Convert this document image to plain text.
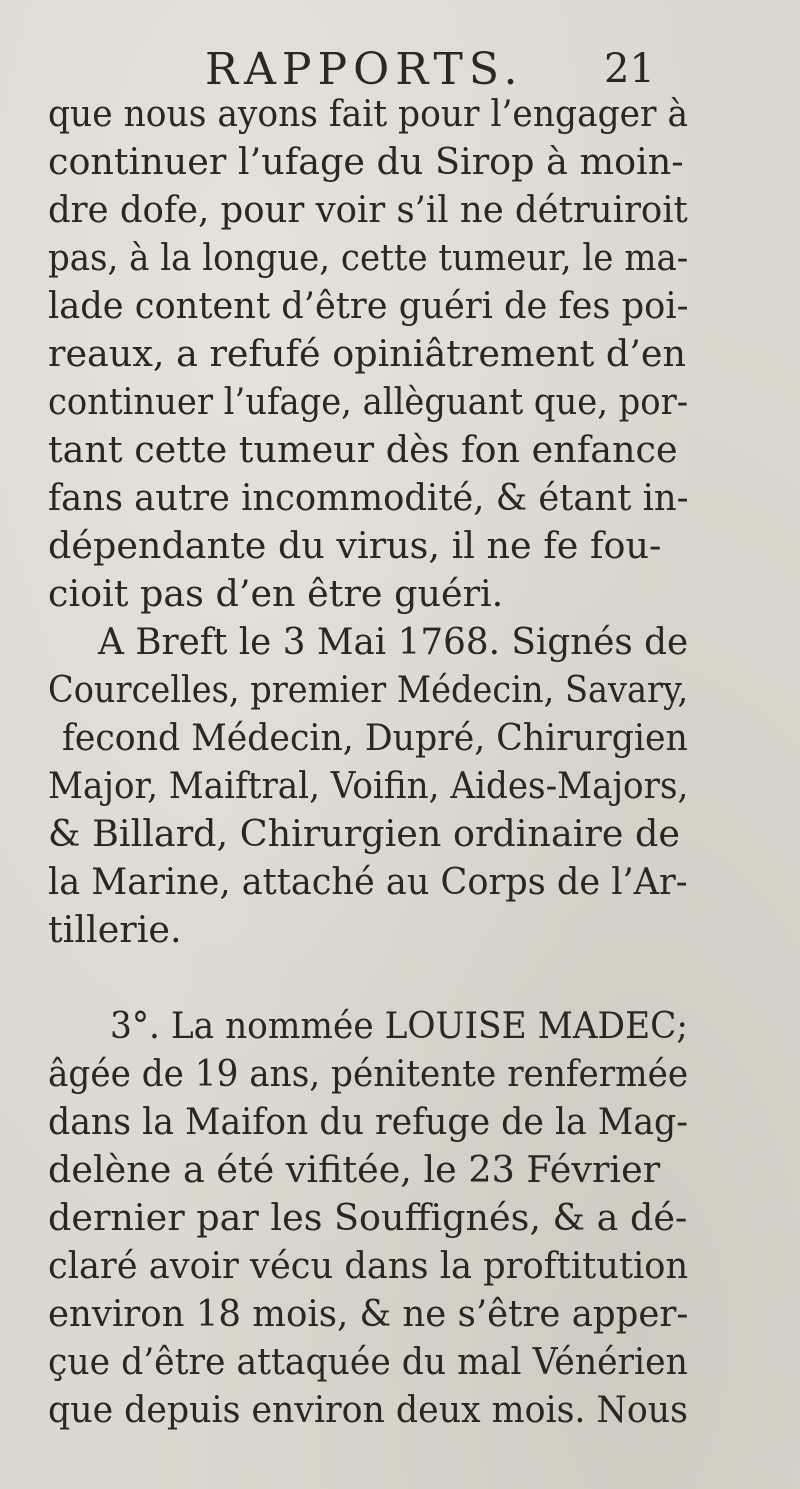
RAPPORTS. 21
que nous ayons fait pour l’engager à
continuer l’ufage du Sirop à moin-
dre dofe, pour voir s’il ne détruiroit
pas, à la longue, cette tumeur, le ma-
lade content d’être guéri de fes poi-
reaux, a refufé opiniâtrement d’en
continuer l’ufage, allèguant que, por-
tant cette tumeur dès fon enfance
fans autre incommodité, & étant in-
dépendante du virus, il ne fe fou-
cioit pas d’en être guéri.
A Breft le 3 Mai 1768. Signés de
Courcelles, premier Médecin, Savary,
fecond Médecin, Dupré, Chirurgien
Major, Maiftral, Voifin, Aides-Majors,
& Billard, Chirurgien ordinaire de
la Marine, attaché au Corps de l’Ar-
tillerie.
3°. La nommée LOUISE MADEC;
âgée de 19 ans, pénitente renfermée
dans la Maifon du refuge de la Mag-
delène a été vifitée, le 23 Février
dernier par les Souffignés, & a dé-
claré avoir vécu dans la proftitution
environ 18 mois, & ne s’être apper-
çue d’être attaquée du mal Vénérien
que depuis environ deux mois. Nous
